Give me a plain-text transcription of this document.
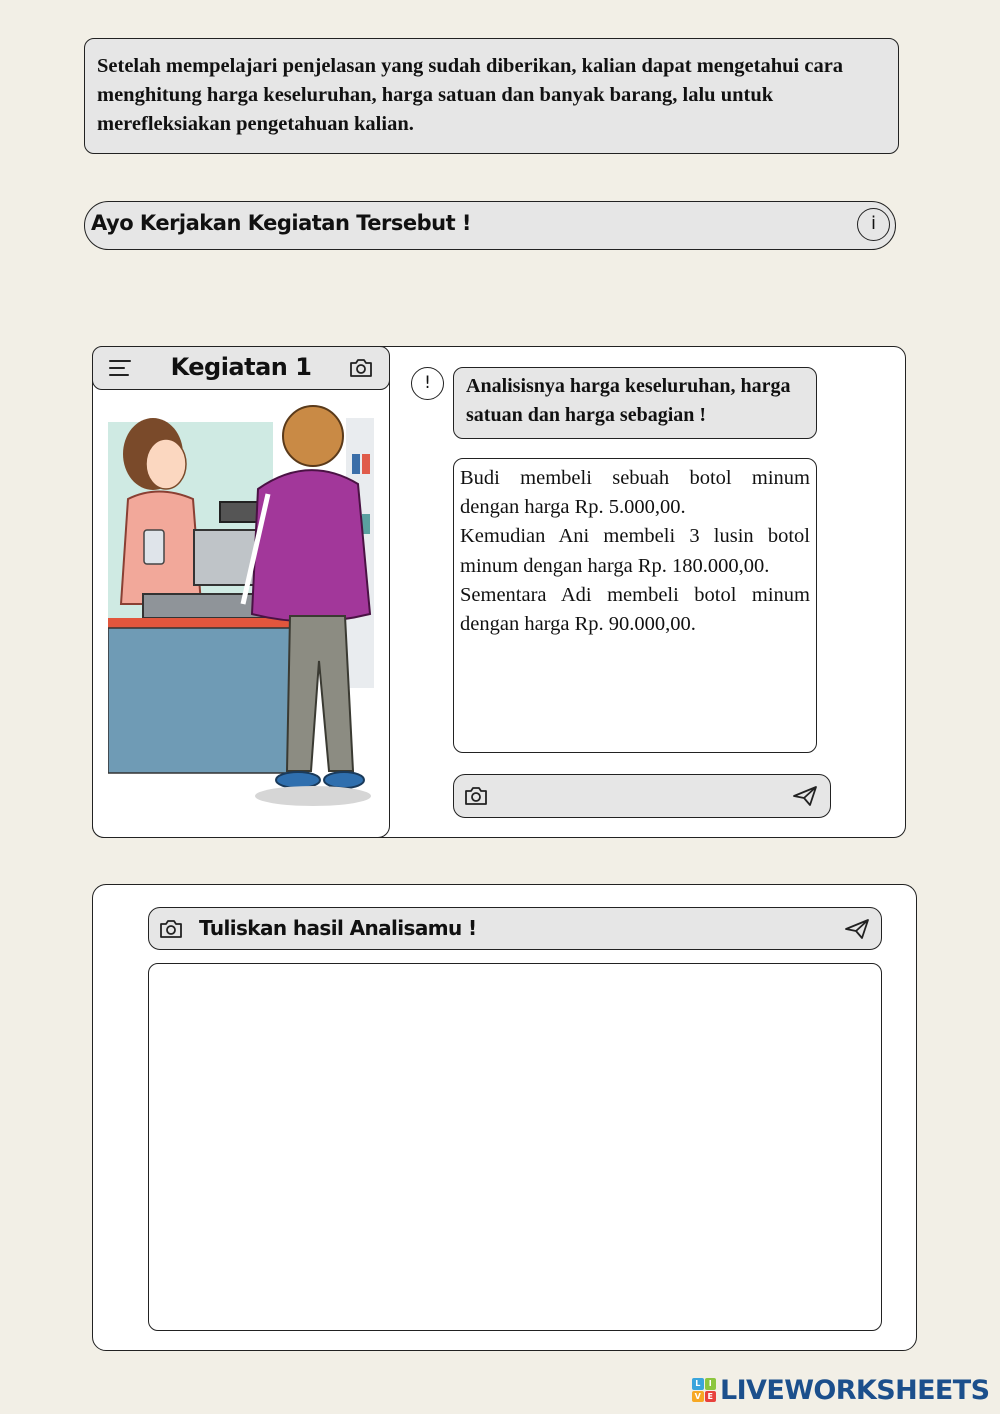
Setelah mempelajari penjelasan yang sudah diberikan, kalian dapat mengetahui cara menghitung harga keseluruhan, harga satuan dan banyak barang, lalu untuk merefleksiakan pengetahuan kalian.
Ayo Kerjakan Kegiatan Tersebut !	i
Kegiatan 1
!	Analisisnya harga keseluruhan, harga satuan dan harga sebagian !

Budi membeli sebuah botol minum dengan harga Rp. 5.000,00.

Kemudian Ani membeli 3 lusin botol minum dengan harga Rp. 180.000,00.

Sementara Adi membeli botol minum dengan harga Rp. 90.000,00.

Tuliskan hasil Analisamu !
L	I
V E LIVEWORKSHEETS
